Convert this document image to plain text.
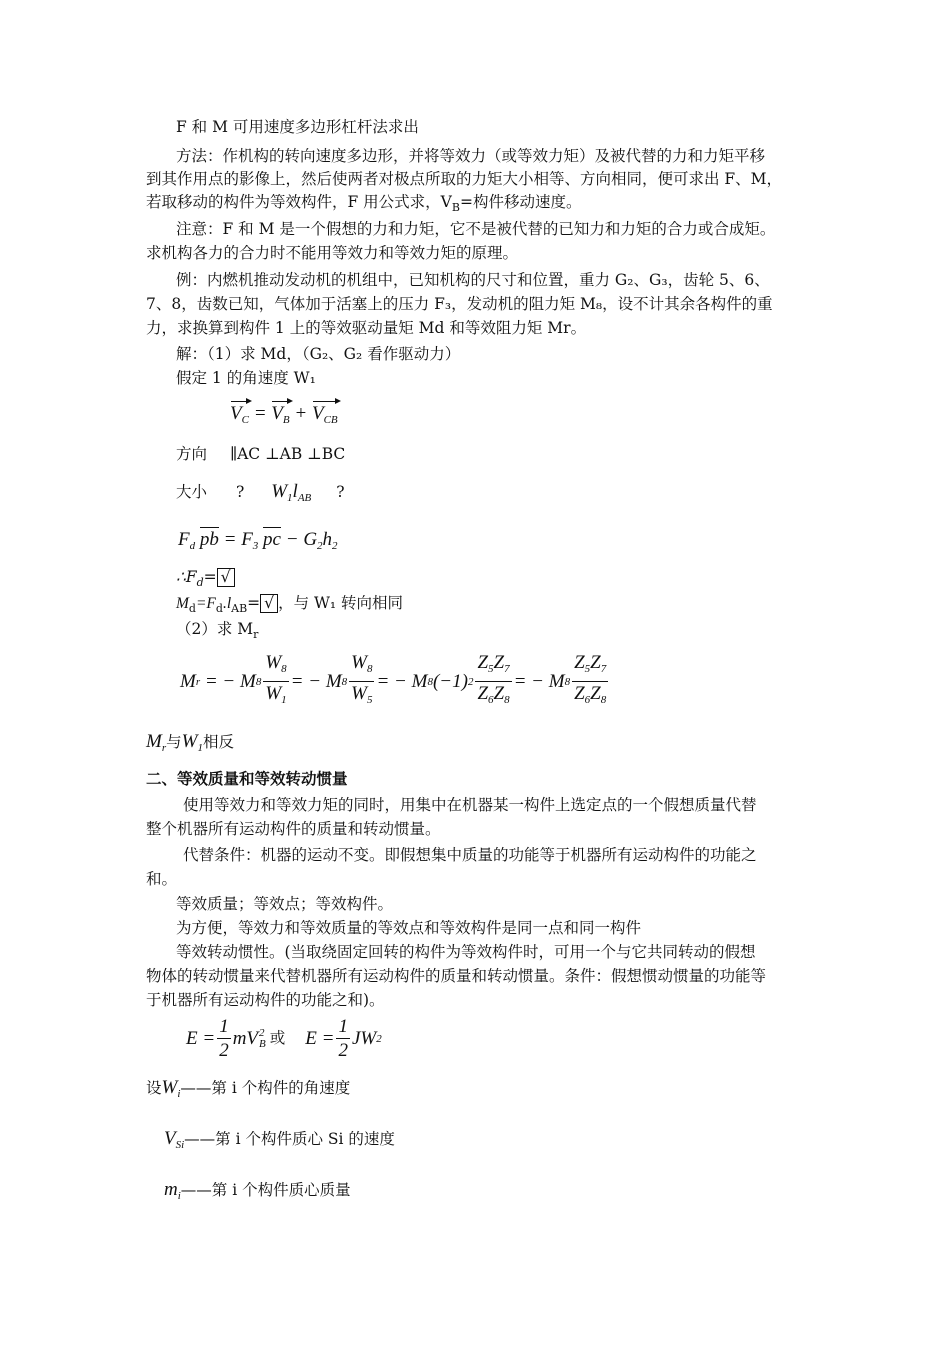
F 和 M 可用速度多边形杠杆法求出
方法：作机构的转向速度多边形，并将等效力（或等效力矩）及被代替的力和力矩平移
到其作用点的影像上，然后使两者对极点所取的力矩大小相等、方向相同，便可求出 F、M，
若取移动的构件为等效构件，F 用公式求，$V_B=$构件移动速度。
注意：F 和 M 是一个假想的力和力矩，它不是被代替的已知力和力矩的合力或合成矩。
求机构各力的合力时不能用等效力和等效力矩的原理。
例：内燃机推动发动机的机组中，已知机构的尺寸和位置，重力 G₂、G₃，齿轮 5、6、
7、8，齿数已知，气体加于活塞上的压力 F₃，发动机的阻力矩 M₈，设不计其余各构件的重
力，求换算到构件 1 上的等效驱动量矩 Md 和等效阻力矩 Mr。
解：（1）求 Md，（G₂、G₂ 看作驱动力）
假定 1 的角速度 W₁
$V_C = V_B + V_{CB}$
方向 ∥AC ⊥AB ⊥BC
大小 ? $W_1l_{AB}$ ?
$F_d$ pb = $F_3$ pc − $G_2h_2$
$\therefore F_d=$ √
$M_d=F_d.l_{AB}=$ √ ，与 W₁ 转向相同
（2）求 $M_r$
M r
= − M $8 \frac{W_8}{W_1}$ = − M $8 \frac{W_8}{W_5}$ = − M 8 (−1) $2 \frac{Z_5Z_7}{Z_6Z_8}$ = − M $8 \frac{Z_5Z_7}{Z_6Z_8}$
$M_r$与$W_1$相反
二、等效质量和等效转动惯量
使用等效力和等效力矩的同时，用集中在机器某一构件上选定点的一个假想质量代替
整个机器所有运动构件的质量和转动惯量。
代替条件：机器的运动不变。即假想集中质量的功能等于机器所有运动构件的功能之
和。
等效质量；等效点；等效构件。
为方便，等效力和等效质量的等效点和等效构件是同一点和同一构件
等效转动惯性。(当取绕固定回转的构件为等效构件时，可用一个与它共同转动的假想
物体的转动惯量来代替机器所有运动构件的质量和转动惯量。条件：假想惯动惯量的功能等
于机器所有运动构件的功能之和)。
$E = \frac{1}{2}$ mV 2
B 或 $E = \frac{1}{2}$ JW 2
设$W_i——$第 i 个构件的角速度
$V_{Si}——$第 i 个构件质心 Si 的速度
$m_i——$第 i 个构件质心质量
